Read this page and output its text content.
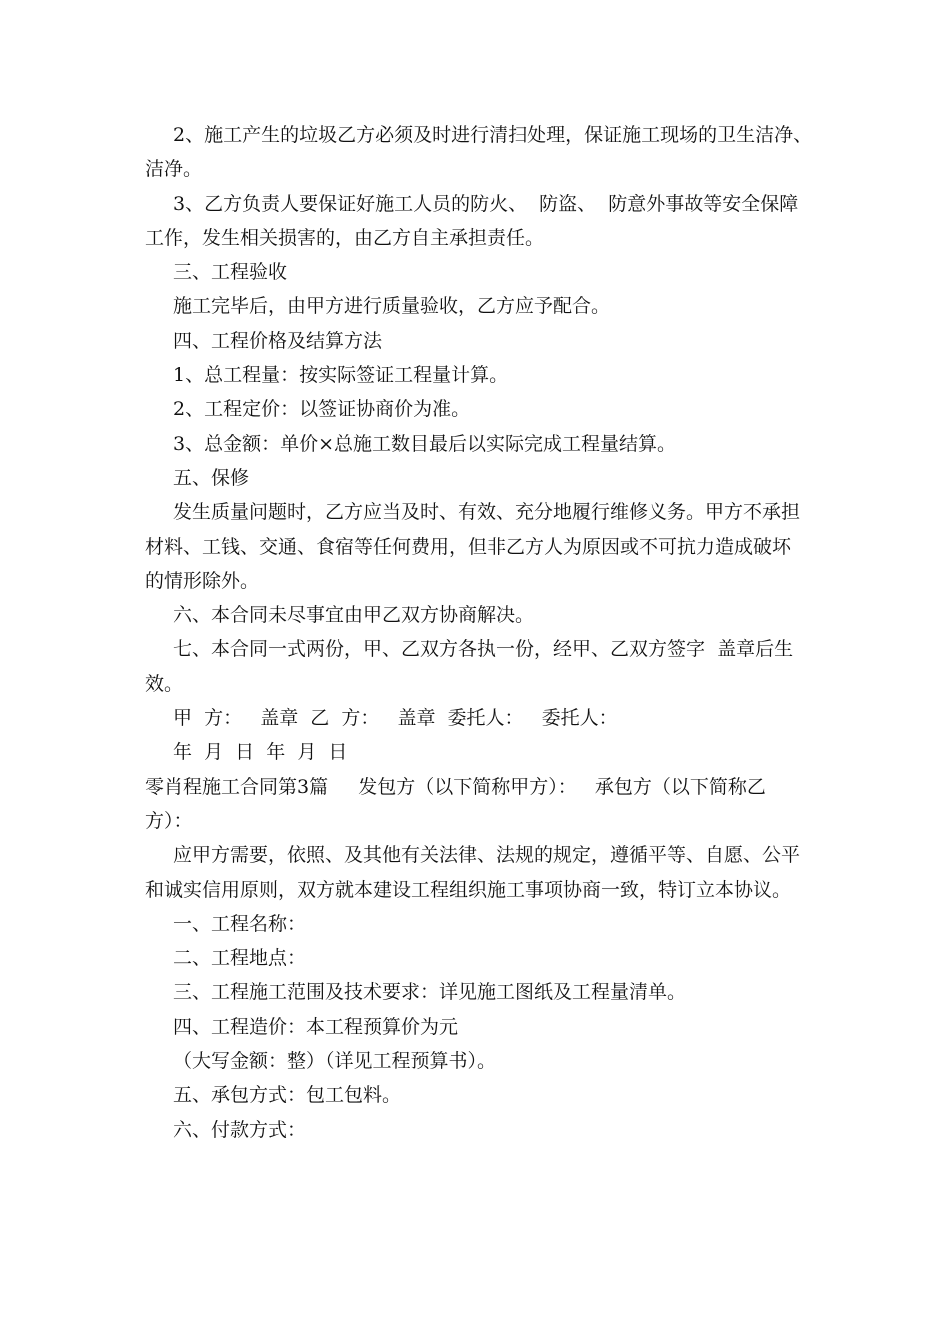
2、施工产生的垃圾乙方必须及时进行清扫处理，保证施工现场的卫生洁净、
洁净。
3、乙方负责人要保证好施工人员的防火、  防盗、  防意外事故等安全保障
工作，发生相关损害的，由乙方自主承担责任。
三、工程验收
施工完毕后，由甲方进行质量验收，乙方应予配合。
四、工程价格及结算方法
1、总工程量：按实际签证工程量计算。
2、工程定价：以签证协商价为准。
3、总金额：单价×总施工数目最后以实际完成工程量结算。
五、保修
发生质量问题时，乙方应当及时、有效、充分地履行维修义务。甲方不承担
材料、工钱、交通、食宿等任何费用，但非乙方人为原因或不可抗力造成破坏
的情形除外。
六、本合同未尽事宜由甲乙双方协商解决。
七、本合同一式两份，甲、乙双方各执一份，经甲、乙双方签字  盖章后生
效。
甲  方：   盖章  乙  方：   盖章  委托人：   委托人：
年  月  日  年  月  日
零肖程施工合同第3篇     发包方（以下简称甲方）：   承包方（以下简称乙
方）：
应甲方需要，依照、及其他有关法律、法规的规定，遵循平等、自愿、公平
和诚实信用原则，双方就本建设工程组织施工事项协商一致，特订立本协议。
一、工程名称：
二、工程地点：
三、工程施工范围及技术要求：详见施工图纸及工程量清单。
四、工程造价：本工程预算价为元
（大写金额：整）（详见工程预算书）。
五、承包方式：包工包料。
六、付款方式：
